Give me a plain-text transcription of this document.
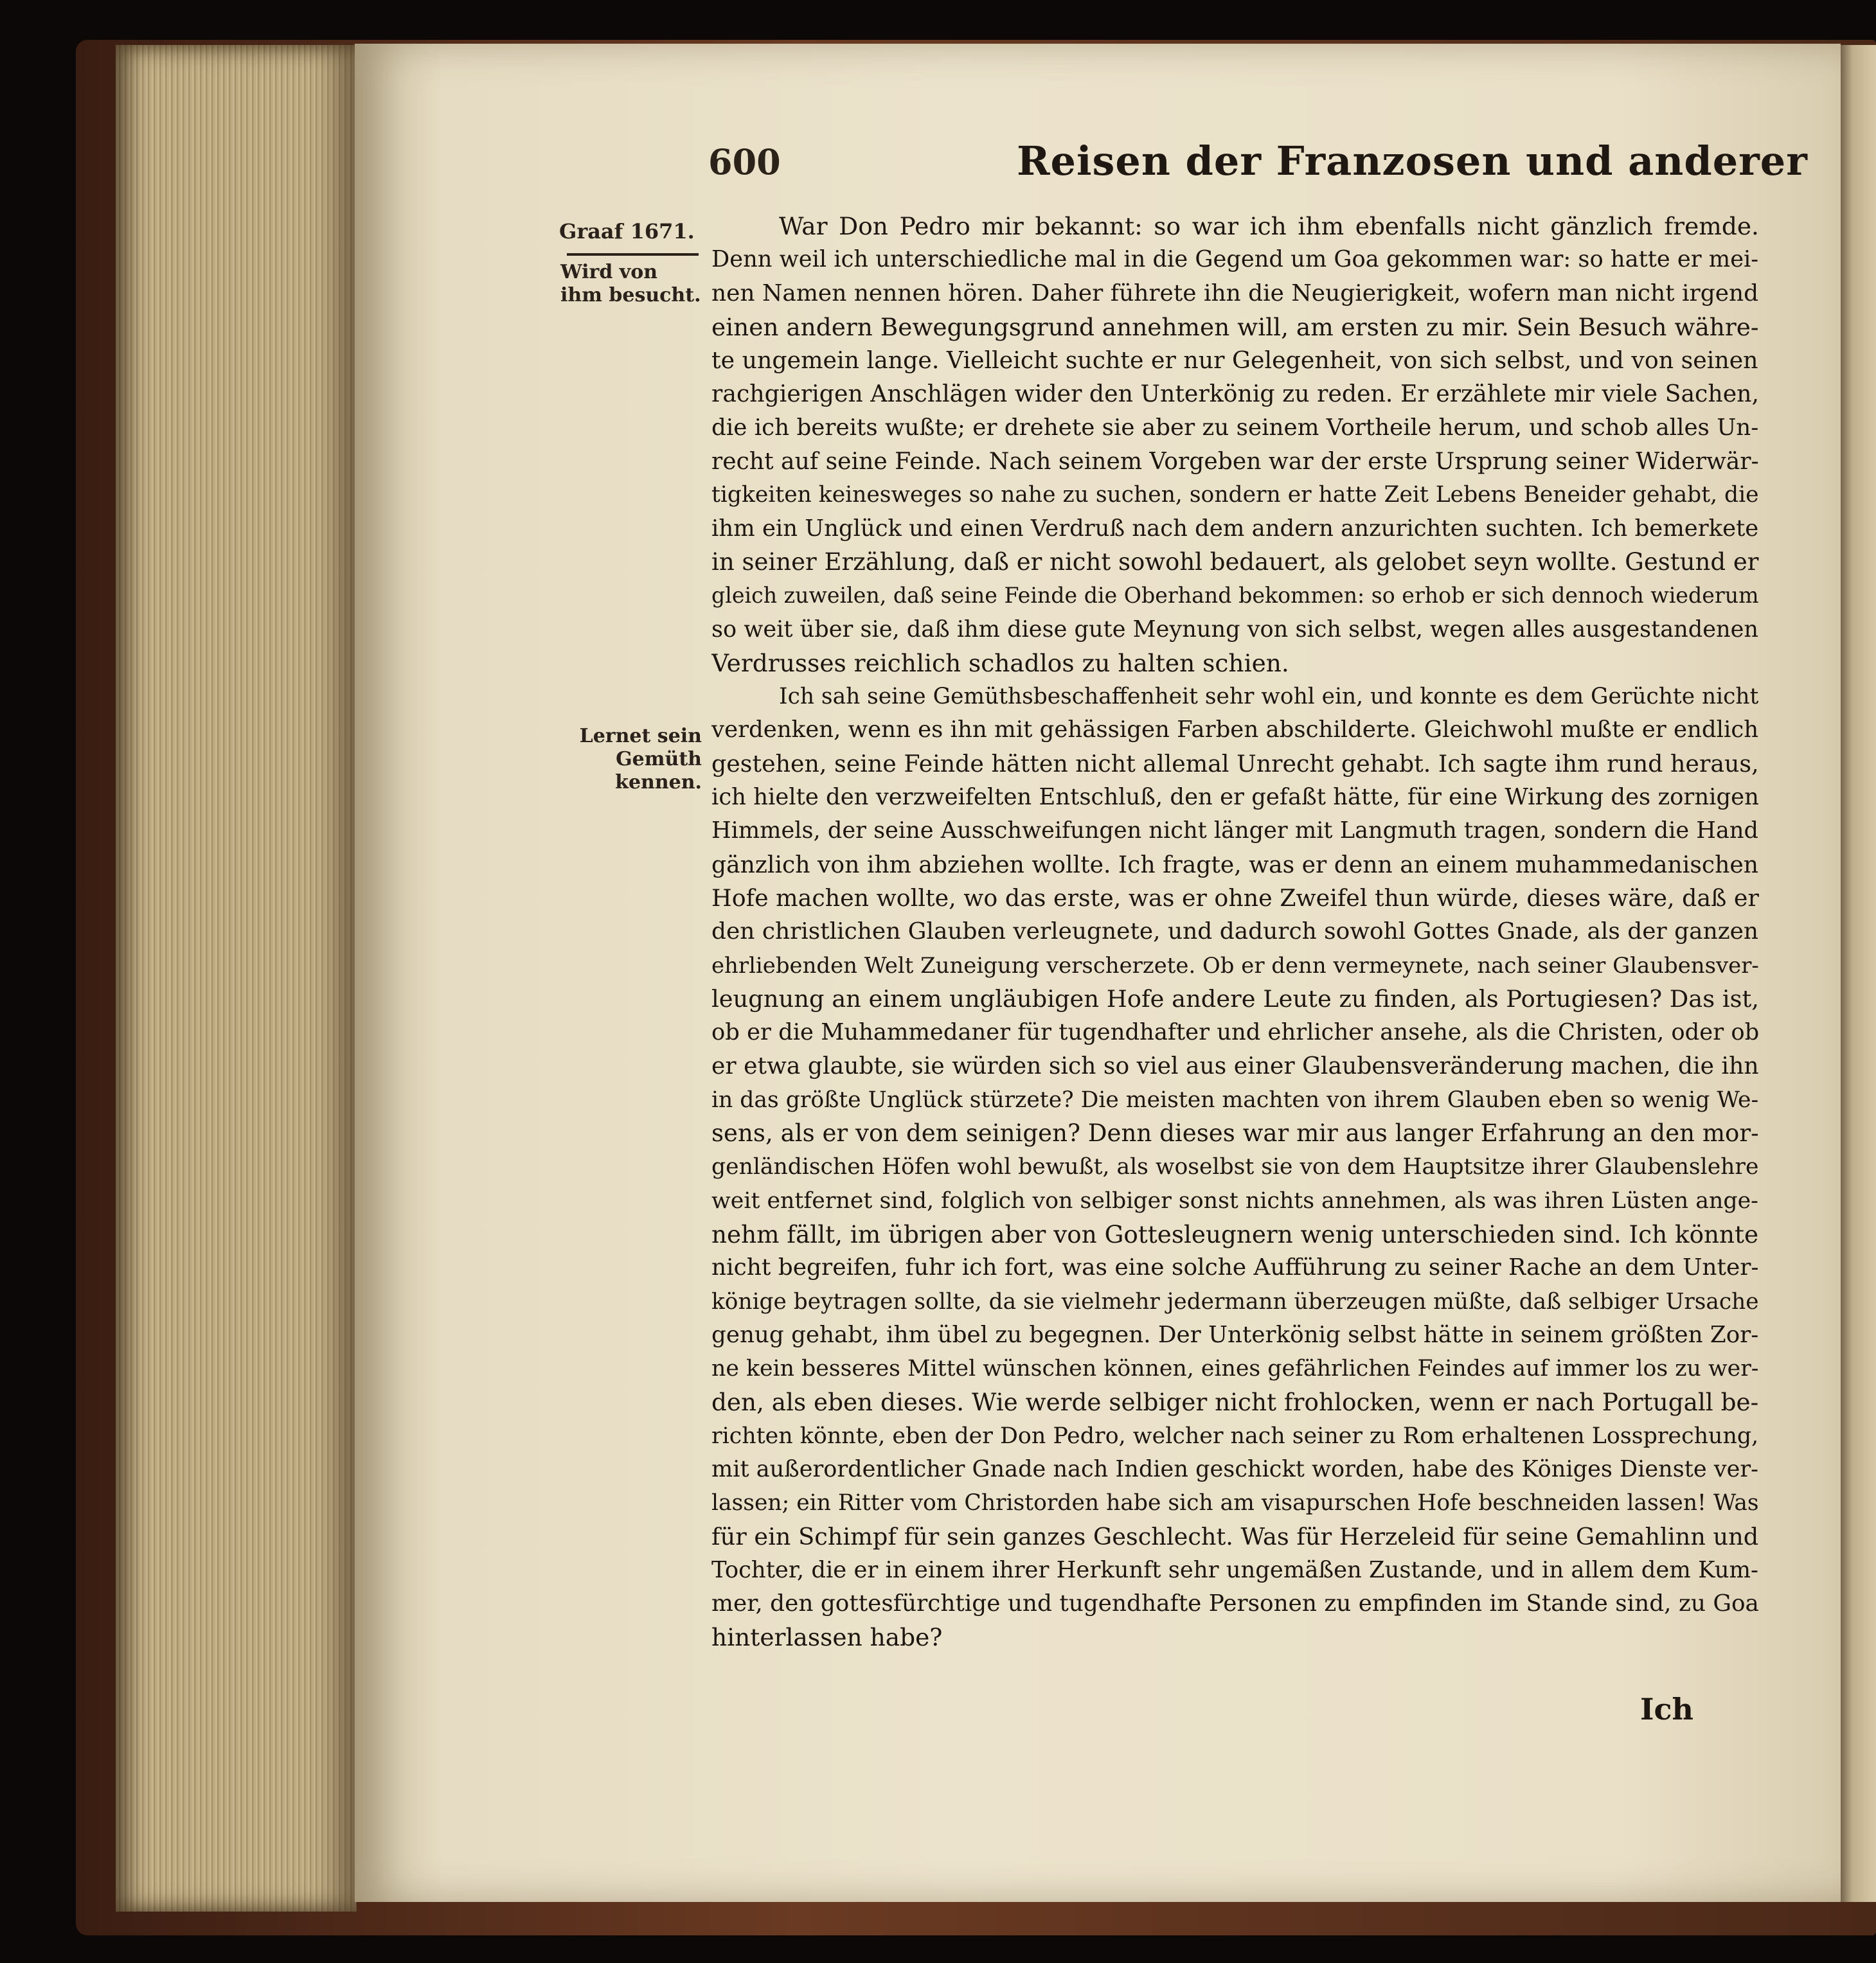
600	Reisen der Franzosen und anderer
Graaf 1671.
Wird von ihm besucht.
Lernet sein Gemüth kennen.
War Don Pedro mir bekannt: so war ich ihm ebenfalls nicht gänzlich fremde.
Denn weil ich unterschiedliche mal in die Gegend um Goa gekommen war: so hatte er mei-
nen Namen nennen hören. Daher führete ihn die Neugierigkeit, wofern man nicht irgend
einen andern Bewegungsgrund annehmen will, am ersten zu mir. Sein Besuch währe-
te ungemein lange. Vielleicht suchte er nur Gelegenheit, von sich selbst, und von seinen
rachgierigen Anschlägen wider den Unterkönig zu reden. Er erzählete mir viele Sachen,
die ich bereits wußte; er drehete sie aber zu seinem Vortheile herum, und schob alles Un-
recht auf seine Feinde. Nach seinem Vorgeben war der erste Ursprung seiner Widerwär-
tigkeiten keinesweges so nahe zu suchen, sondern er hatte Zeit Lebens Beneider gehabt, die
ihm ein Unglück und einen Verdruß nach dem andern anzurichten suchten. Ich bemerkete
in seiner Erzählung, daß er nicht sowohl bedauert, als gelobet seyn wollte. Gestund er
gleich zuweilen, daß seine Feinde die Oberhand bekommen: so erhob er sich dennoch wiederum
so weit über sie, daß ihm diese gute Meynung von sich selbst, wegen alles ausgestandenen
Verdrusses reichlich schadlos zu halten schien.
Ich sah seine Gemüthsbeschaffenheit sehr wohl ein, und konnte es dem Gerüchte nicht
verdenken, wenn es ihn mit gehässigen Farben abschilderte. Gleichwohl mußte er endlich
gestehen, seine Feinde hätten nicht allemal Unrecht gehabt. Ich sagte ihm rund heraus,
ich hielte den verzweifelten Entschluß, den er gefaßt hätte, für eine Wirkung des zornigen
Himmels, der seine Ausschweifungen nicht länger mit Langmuth tragen, sondern die Hand
gänzlich von ihm abziehen wollte. Ich fragte, was er denn an einem muhammedanischen
Hofe machen wollte, wo das erste, was er ohne Zweifel thun würde, dieses wäre, daß er
den christlichen Glauben verleugnete, und dadurch sowohl Gottes Gnade, als der ganzen
ehrliebenden Welt Zuneigung verscherzete. Ob er denn vermeynete, nach seiner Glaubensver-
leugnung an einem ungläubigen Hofe andere Leute zu finden, als Portugiesen? Das ist,
ob er die Muhammedaner für tugendhafter und ehrlicher ansehe, als die Christen, oder ob
er etwa glaubte, sie würden sich so viel aus einer Glaubensveränderung machen, die ihn
in das größte Unglück stürzete? Die meisten machten von ihrem Glauben eben so wenig We-
sens, als er von dem seinigen? Denn dieses war mir aus langer Erfahrung an den mor-
genländischen Höfen wohl bewußt, als woselbst sie von dem Hauptsitze ihrer Glaubenslehre
weit entfernet sind, folglich von selbiger sonst nichts annehmen, als was ihren Lüsten ange-
nehm fällt, im übrigen aber von Gottesleugnern wenig unterschieden sind. Ich könnte
nicht begreifen, fuhr ich fort, was eine solche Aufführung zu seiner Rache an dem Unter-
könige beytragen sollte, da sie vielmehr jedermann überzeugen müßte, daß selbiger Ursache
genug gehabt, ihm übel zu begegnen. Der Unterkönig selbst hätte in seinem größten Zor-
ne kein besseres Mittel wünschen können, eines gefährlichen Feindes auf immer los zu wer-
den, als eben dieses. Wie werde selbiger nicht frohlocken, wenn er nach Portugall be-
richten könnte, eben der Don Pedro, welcher nach seiner zu Rom erhaltenen Lossprechung,
mit außerordentlicher Gnade nach Indien geschickt worden, habe des Königes Dienste ver-
lassen; ein Ritter vom Christorden habe sich am visapurschen Hofe beschneiden lassen! Was
für ein Schimpf für sein ganzes Geschlecht. Was für Herzeleid für seine Gemahlinn und
Tochter, die er in einem ihrer Herkunft sehr ungemäßen Zustande, und in allem dem Kum-
mer, den gottesfürchtige und tugendhafte Personen zu empfinden im Stande sind, zu Goa
hinterlassen habe?
Ich
